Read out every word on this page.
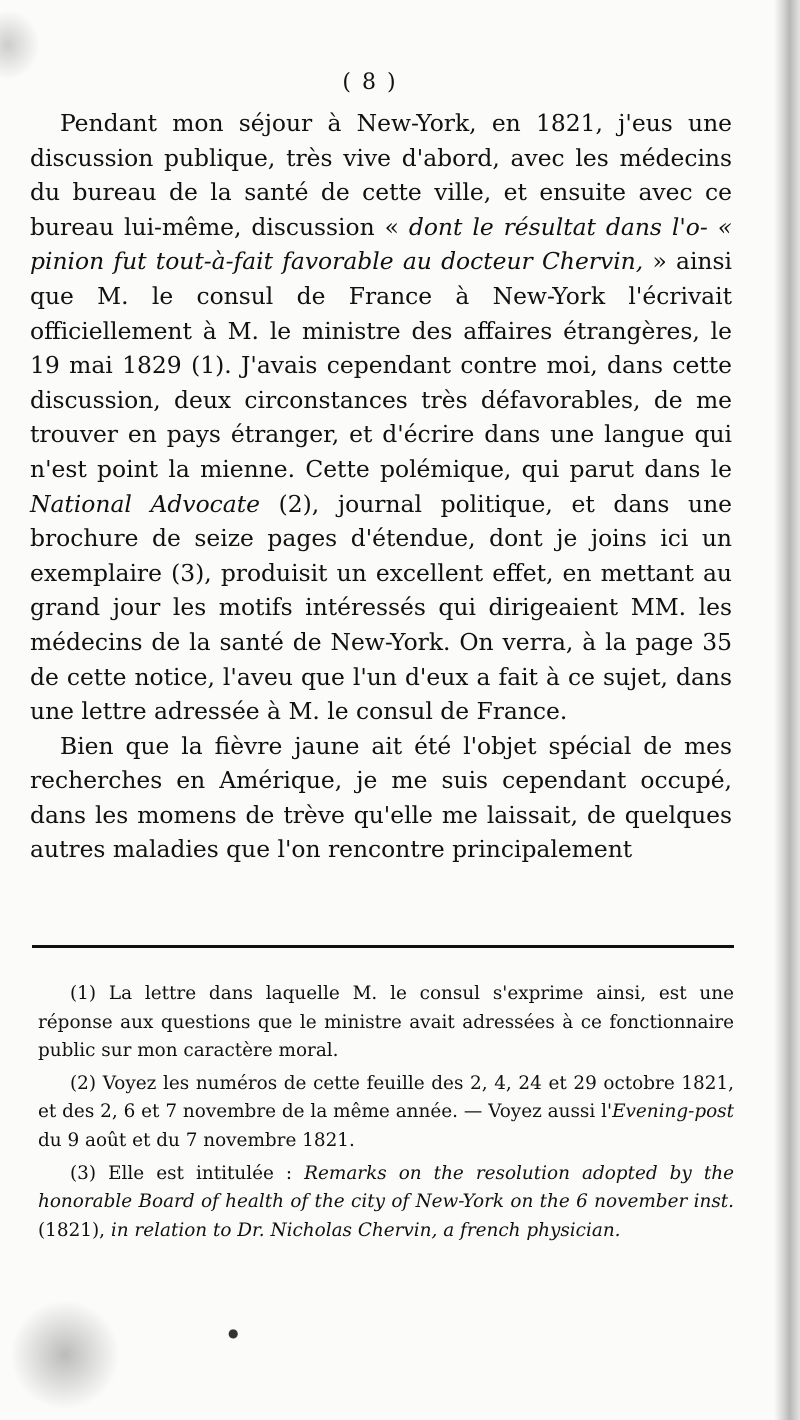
( 8 )

Pendant mon séjour à New-York, en 1821, j'eus une discussion publique, très vive d'abord, avec les médecins du bureau de la santé de cette ville, et ensuite avec ce bureau lui-même, discussion « dont le résultat dans l'o- « pinion fut tout-à-fait favorable au docteur Chervin, » ainsi que M. le consul de France à New-York l'écrivait officiellement à M. le ministre des affaires étrangères, le 19 mai 1829 (1). J'avais cependant contre moi, dans cette discussion, deux circonstances très défavorables, de me trouver en pays étranger, et d'écrire dans une langue qui n'est point la mienne. Cette polémique, qui parut dans le National Advocate (2), journal politique, et dans une brochure de seize pages d'étendue, dont je joins ici un exemplaire (3), produisit un excellent effet, en mettant au grand jour les motifs intéressés qui dirigeaient MM. les médecins de la santé de New-York. On verra, à la page 35 de cette notice, l'aveu que l'un d'eux a fait à ce sujet, dans une lettre adressée à M. le consul de France.

Bien que la fièvre jaune ait été l'objet spécial de mes recherches en Amérique, je me suis cependant occupé, dans les momens de trève qu'elle me laissait, de quelques autres maladies que l'on rencontre principalement

(1) La lettre dans laquelle M. le consul s'exprime ainsi, est une réponse aux questions que le ministre avait adressées à ce fonctionnaire public sur mon caractère moral.

(2) Voyez les numéros de cette feuille des 2, 4, 24 et 29 octobre 1821, et des 2, 6 et 7 novembre de la même année. — Voyez aussi l'Evening-post du 9 août et du 7 novembre 1821.

(3) Elle est intitulée : Remarks on the resolution adopted by the honorable Board of health of the city of New-York on the 6 november inst. (1821), in relation to Dr. Nicholas Chervin, a french physician.

●
